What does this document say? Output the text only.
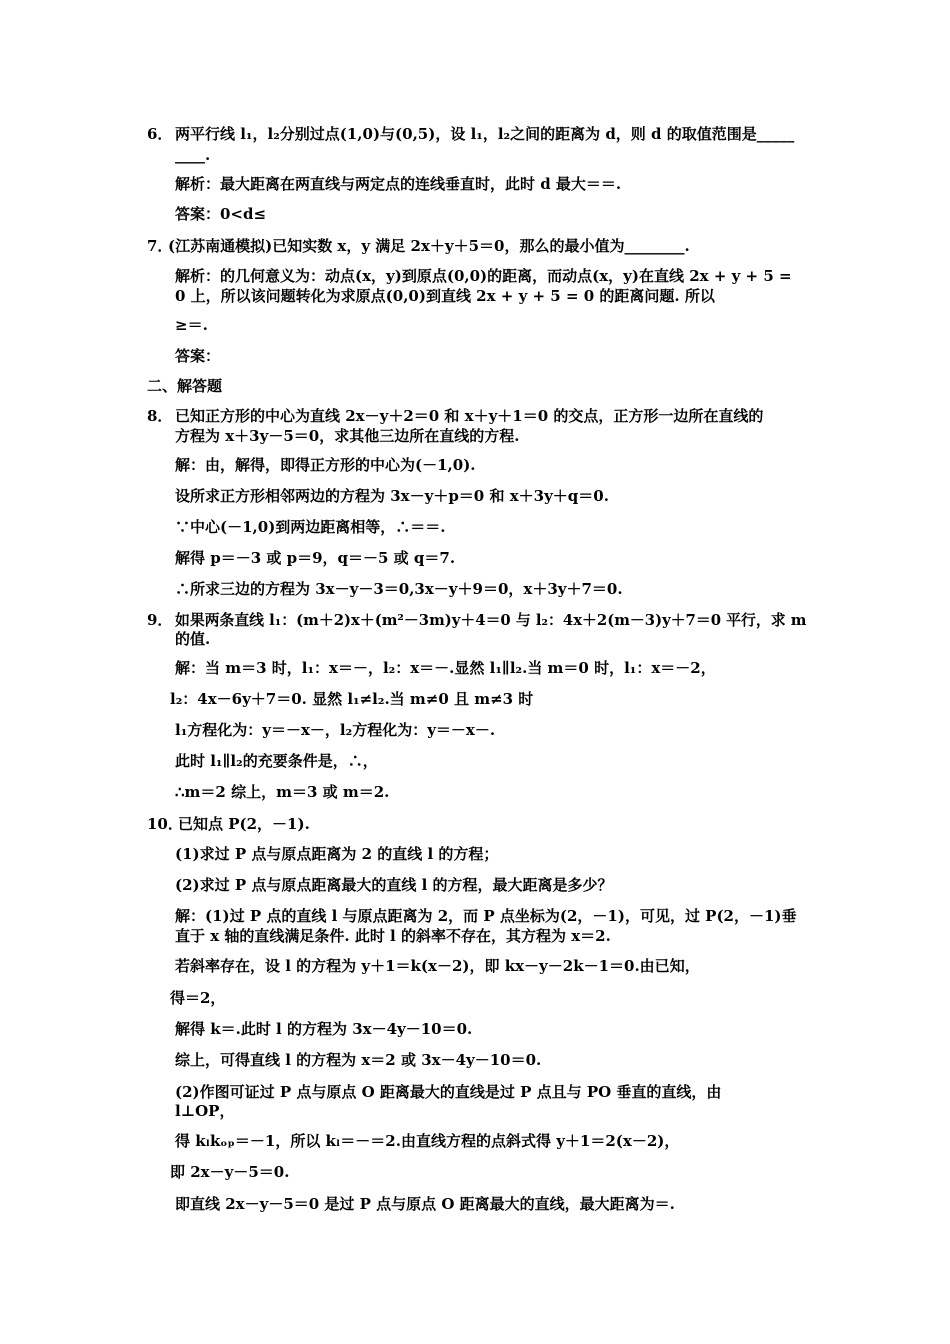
6． 两平行线 l₁，l₂分别过点(1,0)与(0,5)，设 l₁，l₂之间的距离为 d，则 d 的取值范围是_____
____.
解析：最大距离在两直线与两定点的连线垂直时，此时 d 最大＝＝.
答案：0<d≤
7．
(江苏南通模拟)已知实数 x，y 满足 2x＋y＋5＝0，那么的最小值为________.
解析：的几何意义为：动点(x，y)到原点(0,0)的距离，而动点(x，y)在直线 2x + y + 5 =
0 上，所以该问题转化为求原点(0,0)到直线 2x + y + 5 = 0 的距离问题. 所以
≥＝.
答案：
二、解答题
8． 已知正方形的中心为直线 2x－y＋2＝0 和 x＋y＋1＝0 的交点，正方形一边所在直线的
方程为 x＋3y－5＝0，求其他三边所在直线的方程.
解：由，解得，即得正方形的中心为(－1,0).
设所求正方形相邻两边的方程为 3x－y＋p＝0 和 x＋3y＋q＝0.
∵中心(－1,0)到两边距离相等，∴＝＝.
解得 p＝－3 或 p＝9，q＝－5 或 q＝7.
∴所求三边的方程为 3x－y－3＝0,3x－y＋9＝0，x＋3y＋7＝0.
9． 如果两条直线 l₁：(m＋2)x＋(m²－3m)y＋4＝0 与 l₂：4x＋2(m－3)y＋7＝0 平行，求 m
的值.
解：当 m＝3 时，l₁：x＝－，l₂：x＝－.显然 l₁∥l₂.当 m＝0 时，l₁：x＝－2，
l₂：4x－6y＋7＝0. 显然 l₁≠l₂.当 m≠0 且 m≠3 时
l₁方程化为：y＝－x－，l₂方程化为：y＝－x－.
此时 l₁∥l₂的充要条件是，∴，
∴m＝2 综上，m＝3 或 m＝2.
10．
已知点 P(2，－1).
(1)求过 P 点与原点距离为 2 的直线 l 的方程；
(2)求过 P 点与原点距离最大的直线 l 的方程，最大距离是多少？
解：(1)过 P 点的直线 l 与原点距离为 2，而 P 点坐标为(2，－1)，可见，过 P(2，－1)垂
直于 x 轴的直线满足条件. 此时 l 的斜率不存在，其方程为 x＝2.
若斜率存在，设 l 的方程为 y＋1＝k(x－2)，即 kx－y－2k－1＝0.由已知，
得＝2，
解得 k＝.此时 l 的方程为 3x－4y－10＝0.
综上，可得直线 l 的方程为 x＝2 或 3x－4y－10＝0.
(2)作图可证过 P 点与原点 O 距离最大的直线是过 P 点且与 PO 垂直的直线，由
l⊥OP，
得 kₗkₒₚ＝－1，所以 kₗ＝－＝2.由直线方程的点斜式得 y＋1＝2(x－2)，
即 2x－y－5＝0.
即直线 2x－y－5＝0 是过 P 点与原点 O 距离最大的直线，最大距离为＝.
